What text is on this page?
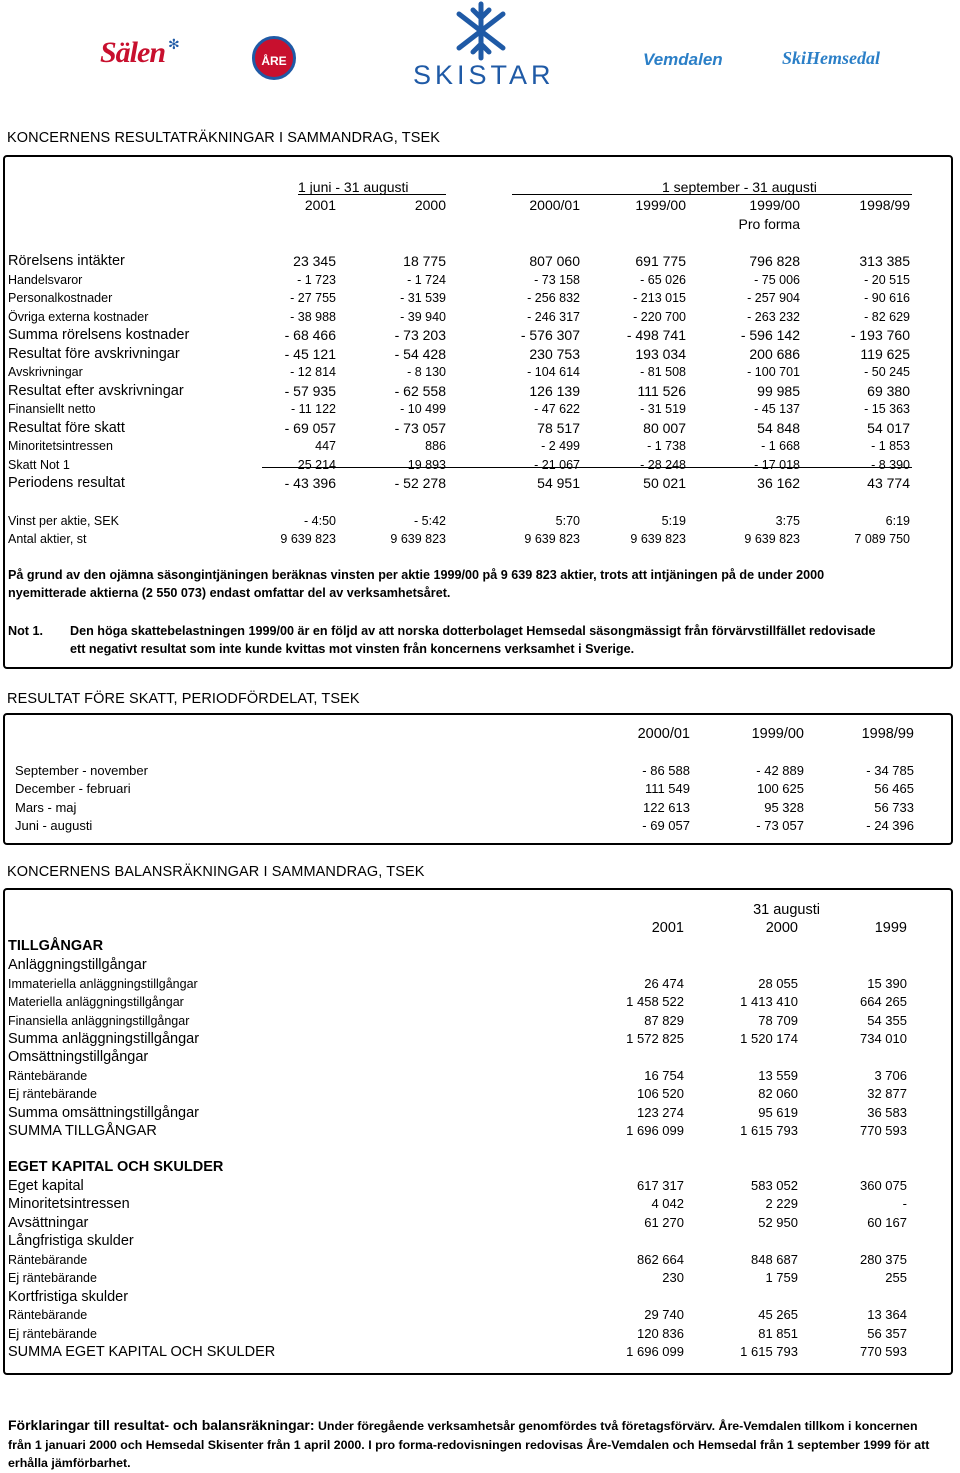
Sälen ✻
ÅRE	SKISTAR
Vemdalen	SkiHemsedal
KONCERNENS RESULTATRÄKNINGAR I SAMMANDRAG, TSEK
1 juni - 31 augusti	1 september - 31 augusti
2001	2000	2000/01	1999/00	1999/00	1998/99
Pro forma
Rörelsens intäkter	23 345	18 775	807 060	691 775	796 828	313 385
Handelsvaror	- 1 723	- 1 724	- 73 158	- 65 026	- 75 006	- 20 515
Personalkostnader	- 27 755	- 31 539	- 256 832	- 213 015	- 257 904	- 90 616
Övriga externa kostnader	- 38 988	- 39 940	- 246 317	- 220 700	- 263 232	- 82 629
Summa rörelsens kostnader	- 68 466	- 73 203	- 576 307	- 498 741	- 596 142	- 193 760
Resultat före avskrivningar	- 45 121	- 54 428	230 753	193 034	200 686	119 625
Avskrivningar	- 12 814	- 8 130	- 104 614	- 81 508	- 100 701	- 50 245
Resultat efter avskrivningar	- 57 935	- 62 558	126 139	111 526	99 985	69 380
Finansiellt netto	- 11 122	- 10 499	- 47 622	- 31 519	- 45 137	- 15 363
Resultat före skatt	- 69 057	- 73 057	78 517	80 007	54 848	54 017
Minoritetsintressen	447	886	- 2 499	- 1 738	- 1 668	- 1 853
Skatt Not 1	25 214	19 893	- 21 067	- 28 248	- 17 018	- 8 390
Periodens resultat	- 43 396	- 52 278	54 951	50 021	36 162	43 774
Vinst per aktie, SEK	- 4:50	- 5:42	5:70	5:19	3:75	6:19
Antal aktier, st	9 639 823	9 639 823	9 639 823	9 639 823	9 639 823	7 089 750
På grund av den ojämna säsongintjäningen beräknas vinsten per aktie 1999/00 på 9 639 823 aktier, trots att intjäningen på de under 2000
nyemitterade aktierna (2 550 073) endast omfattar del av verksamhetsåret.
Not 1. Den höga skattebelastningen 1999/00 är en följd av att norska dotterbolaget Hemsedal säsongmässigt från förvärvstillfället redovisade
ett negativt resultat som inte kunde kvittas mot vinsten från koncernens verksamhet i Sverige.
RESULTAT FÖRE SKATT, PERIODFÖRDELAT, TSEK
2000/01	1999/00	1998/99
September - november	- 86 588	- 42 889	- 34 785
December - februari	111 549	100 625	56 465
Mars - maj	122 613	95 328	56 733
Juni - augusti	- 69 057	- 73 057	- 24 396
KONCERNENS BALANSRÄKNINGAR I SAMMANDRAG, TSEK
31 augusti
2001	2000	1999
TILLGÅNGAR
Anläggningstillgångar
Immateriella anläggningstillgångar	26 474	28 055	15 390
Materiella anläggningstillgångar	1 458 522	1 413 410	664 265
Finansiella anläggningstillgångar	87 829	78 709	54 355
Summa anläggningstillgångar	1 572 825	1 520 174	734 010
Omsättningstillgångar
Räntebärande	16 754	13 559	3 706
Ej räntebärande	106 520	82 060	32 877
Summa omsättningstillgångar	123 274	95 619	36 583
SUMMA TILLGÅNGAR	1 696 099	1 615 793	770 593
EGET KAPITAL OCH SKULDER
Eget kapital	617 317	583 052	360 075
Minoritetsintressen	4 042	2 229	-
Avsättningar	61 270	52 950	60 167
Långfristiga skulder
Räntebärande	862 664	848 687	280 375
Ej räntebärande	230	1 759	255
Kortfristiga skulder
Räntebärande	29 740	45 265	13 364
Ej räntebärande	120 836	81 851	56 357
SUMMA EGET KAPITAL OCH SKULDER	1 696 099	1 615 793	770 593
Förklaringar till resultat- och balansräkningar: Under föregående verksamhetsår genomfördes två företagsförvärv. Åre-Vemdalen tillkom i koncernen från 1 januari 2000 och Hemsedal Skisenter från 1 april 2000. I pro forma-redovisningen redovisas Åre-Vemdalen och Hemsedal från 1 september 1999 för att erhålla jämförbarhet.
